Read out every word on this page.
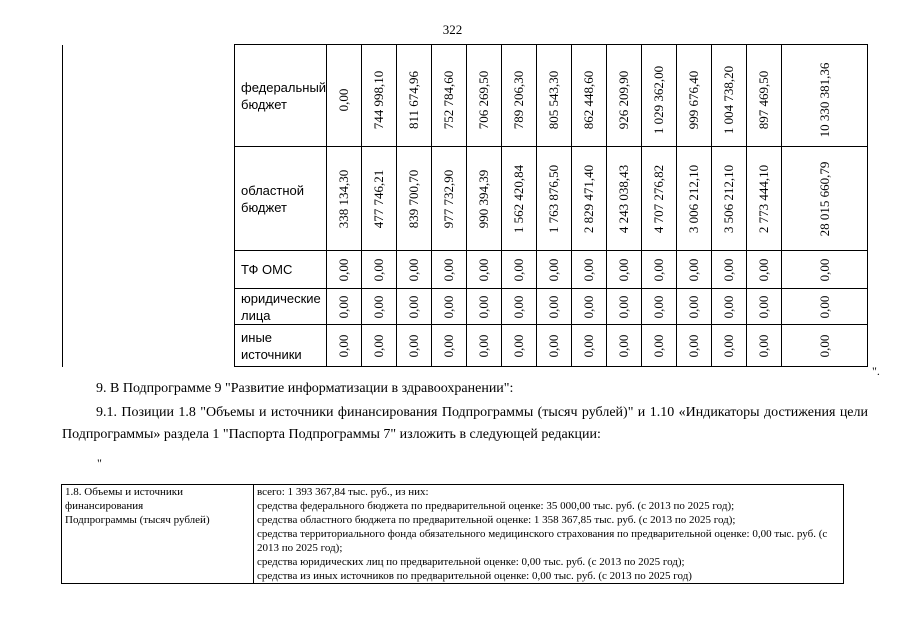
322

	федеральный
бюджет	0,00	744 998,10	811 674,96	752 784,60	706 269,50	789 206,30	805 543,30	862 448,60	926 209,90	1 029 362,00	999 676,40	1 004 738,20	897 469,50	10 330 381,36

	областной
бюджет	338 134,30	477 746,21	839 700,70	977 732,90	990 394,39	1 562 420,84	1 763 876,50	2 829 471,40	4 243 038,43	4 707 276,82	3 006 212,10	3 506 212,10	2 773 444,10	28 015 660,79

	ТФ ОМС	0,00	0,00	0,00	0,00	0,00	0,00	0,00	0,00	0,00	0,00	0,00	0,00	0,00	0,00

	юридические
лица	0,00	0,00	0,00	0,00	0,00	0,00	0,00	0,00	0,00	0,00	0,00	0,00	0,00	0,00

	иные
источники	0,00	0,00	0,00	0,00	0,00	0,00	0,00	0,00	0,00	0,00	0,00	0,00	0,00	0,00
".
9. В Подпрограмме 9 "Развитие информатизации в здравоохранении":
9.1. Позиции 1.8 "Объемы и источники финансирования Подпрограммы (тысяч рублей)" и 1.10 «Индикаторы достижения цели Подпрограммы» раздела 1 "Паспорта Подпрограммы 7" изложить в следующей редакции:
"
1.8. Объемы и источники
финансирования
Подпрограммы (тысяч рублей)

всего: 1 393 367,84 тыс. руб., из них:
средства федерального бюджета по предварительной оценке: 35 000,00 тыс. руб. (с 2013 по 2025 год);
средства областного бюджета по предварительной оценке: 1 358 367,85 тыс. руб. (с 2013 по 2025 год);
средства территориального фонда обязательного медицинского страхования по предварительной оценке: 0,00 тыс. руб. (с 2013 по 2025 год);
средства юридических лиц по предварительной оценке: 0,00 тыс. руб. (с 2013 по 2025 год);
средства из иных источников по предварительной оценке: 0,00 тыс. руб. (с 2013 по 2025 год)
